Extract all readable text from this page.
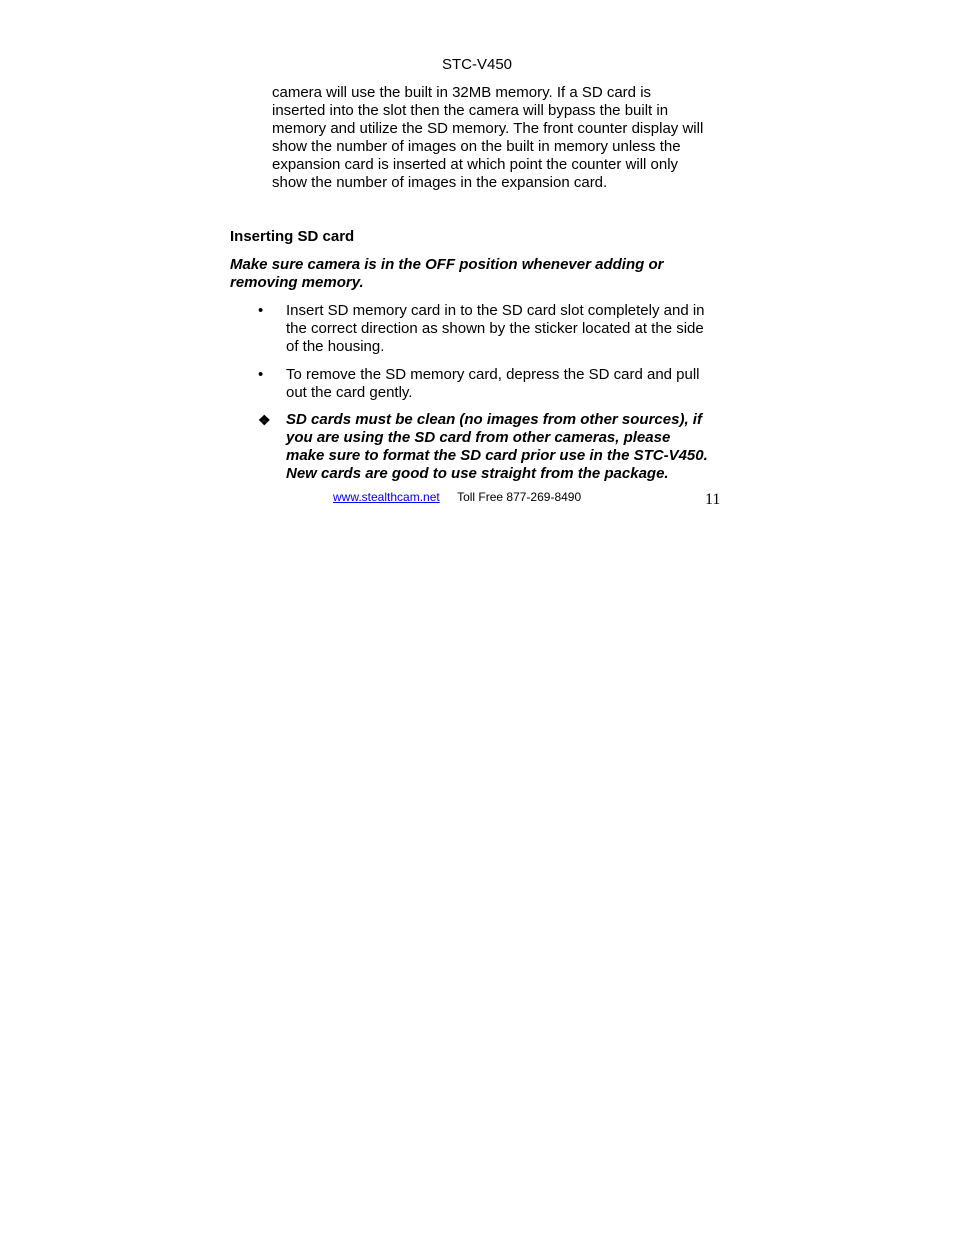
STC-V450
camera will use the built in 32MB memory. If a SD card is
inserted into the slot then the camera will bypass the built in
memory and utilize the SD memory. The front counter display will
show the number of images on the built in memory unless the
expansion card is inserted at which point the counter will only
show the number of images in the expansion card.
Inserting SD card
Make sure camera is in the OFF position whenever adding or
removing memory.
•	Insert SD memory card in to the SD card slot completely and in
the correct direction as shown by the sticker located at the side
of the housing.
•	To remove the SD memory card, depress the SD card and pull
out the card gently.
❖	SD cards must be clean (no images from other sources), if
you are using the SD card from other cameras, please
make sure to format the SD card prior use in the STC-V450.
New cards are good to use straight from the package.
www.stealthcam.net Toll Free 877-269-8490	11
